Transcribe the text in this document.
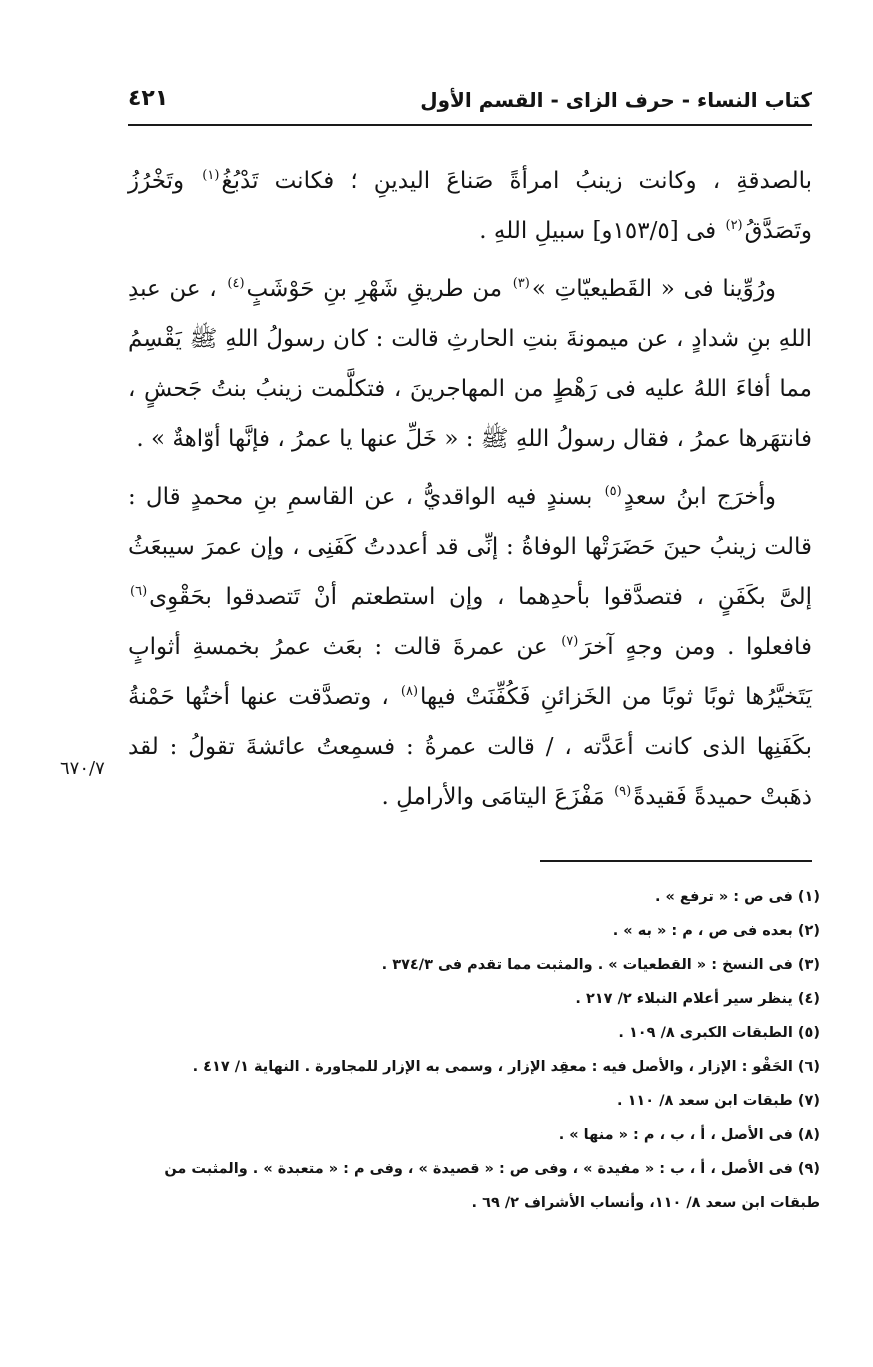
كتاب النساء - حرف الزاى - القسم الأول
٤٢١

بالصدقةِ ، وكانت زينبُ امرأةً صَناعَ اليدينِ ؛ فكانت تَدْبُغُ$^{(١)}$ وتَخْرُزُ وتَصَدَّقُ$^{(٢)}$ فى [١٥٣/٥و] سبيلِ اللهِ .

ورُوِّينا فى « القَطيعيّاتِ »$^{(٣)}$ من طريقِ شَهْرِ بنِ حَوْشَبٍ$^{(٤)}$ ، عن عبدِ اللهِ بنِ شدادٍ ، عن ميمونةَ بنتِ الحارثِ قالت : كان رسولُ اللهِ ﷺ يَقْسِمُ مما أفاءَ اللهُ عليه فى رَهْطٍ من المهاجرينَ ، فتكلَّمت زينبُ بنتُ جَحشٍ ، فانتهَرها عمرُ ، فقال رسولُ اللهِ ﷺ : « خَلِّ عنها يا عمرُ ، فإنَّها أوّاهةٌ » .

وأخرَج ابنُ سعدٍ$^{(٥)}$ بسندٍ فيه الواقديُّ ، عن القاسمِ بنِ محمدٍ قال : قالت زينبُ حينَ حَضَرَتْها الوفاةُ : إنِّى قد أعددتُ كَفَنِى ، وإن عمرَ سيبعَثُ إلىَّ بكَفَنٍ ، فتصدَّقوا بأحدِهما ، وإن استطعتم أنْ تَتصدقوا بحَقْوِى$^{(٦)}$ فافعلوا . ومن وجهٍ آخرَ$^{(٧)}$ عن عمرةَ قالت : بعَث عمرُ بخمسةِ أثوابٍ يَتَخيَّرُها ثوبًا ثوبًا من الخَزائنِ فَكُفِّنَتْ فيها$^{(٨)}$ ، وتصدَّقت عنها أختُها حَمْنةُ بكَفَنِها الذى كانت أعَدَّته ، / قالت عمرةُ : فسمِعتُ عائشةَ تقولُ : لقد ذهَبتْ حميدةً فَقيدةً$^{(٩)}$ مَفْزَعَ اليتامَى والأراملِ .

٦٧٠/٧
(١) فى ص : « ترفع » .
(٢) بعده فى ص ، م : « به » .
(٣) فى النسخ : « القطعيات » . والمثبت مما تقدم فى ٣٧٤/٣ .
(٤) ينظر سير أعلام النبلاء ٢/ ٢١٧ .
(٥) الطبقات الكبرى ٨/ ١٠٩ .
(٦) الحَقْو : الإزار ، والأصل فيه : معقِد الإزار ، وسمى به الإزار للمجاورة . النهاية ١/ ٤١٧ .
(٧) طبقات ابن سعد ٨/ ١١٠ .
(٨) فى الأصل ، أ ، ب ، م : « منها » .
(٩) فى الأصل ، أ ، ب : « مفيدة » ، وفى ص : « قصيدة » ، وفى م : « متعبدة » . والمثبت من طبقات ابن سعد ٨/ ١١٠، وأنساب الأشراف ٢/ ٦٩ .
